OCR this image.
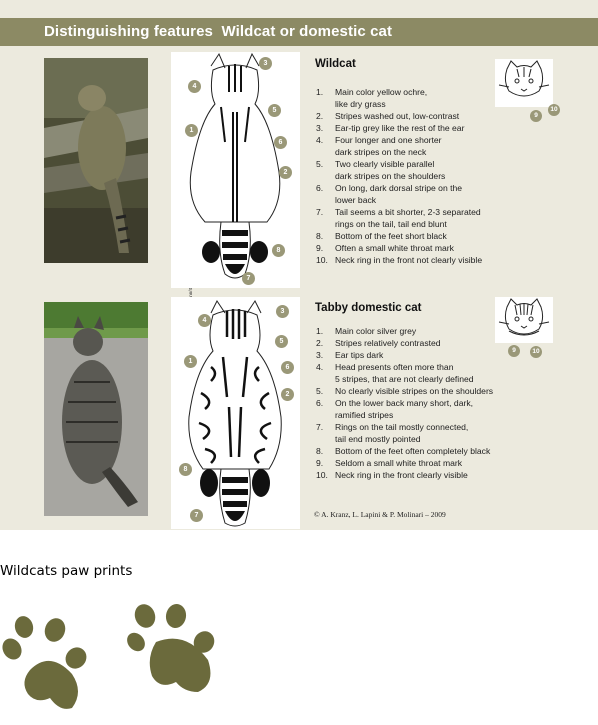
Distinguishing features  Wildcat or domestic cat
1
2
3
4
5
6
7
8
Wildcat
1.	Main color yellow ochre,
like dry grass
2.	Stripes washed out, low-contrast
3.	Ear-tip grey like the rest of the ear
4.	Four longer and one shorter
dark stripes on the neck
5.	Two clearly visible parallel
dark stripes on the shoulders
6.	On long, dark dorsal stripe on the
lower back
7.	Tail seems a bit shorter, 2-3 separated
rings on the tail, tail end blunt
8.	Bottom of the feet short black
9.	Often a small white throat mark
10. Neck ring in the front not clearly visible
9
10
1
2
3
4
5
6
7
8
Tabby domestic cat
1.	Main color silver grey
2.	Stripes relatively contrasted
3.	Ear tips dark
4.	Head presents often more than
5 stripes, that are not clearly defined
5.	No clearly visible stripes on the shoulders
6.	On the lower back many short, dark,
ramified stripes
7.	Rings on the tail mostly connected,
tail end mostly pointed
8.	Bottom of the feet often completely black
9.	Seldom a small white throat mark
10. Neck ring in the front clearly visible
9	10
© A. Kranz, L. Lapini & P. Molinari – 2009
Wildcats paw prints
